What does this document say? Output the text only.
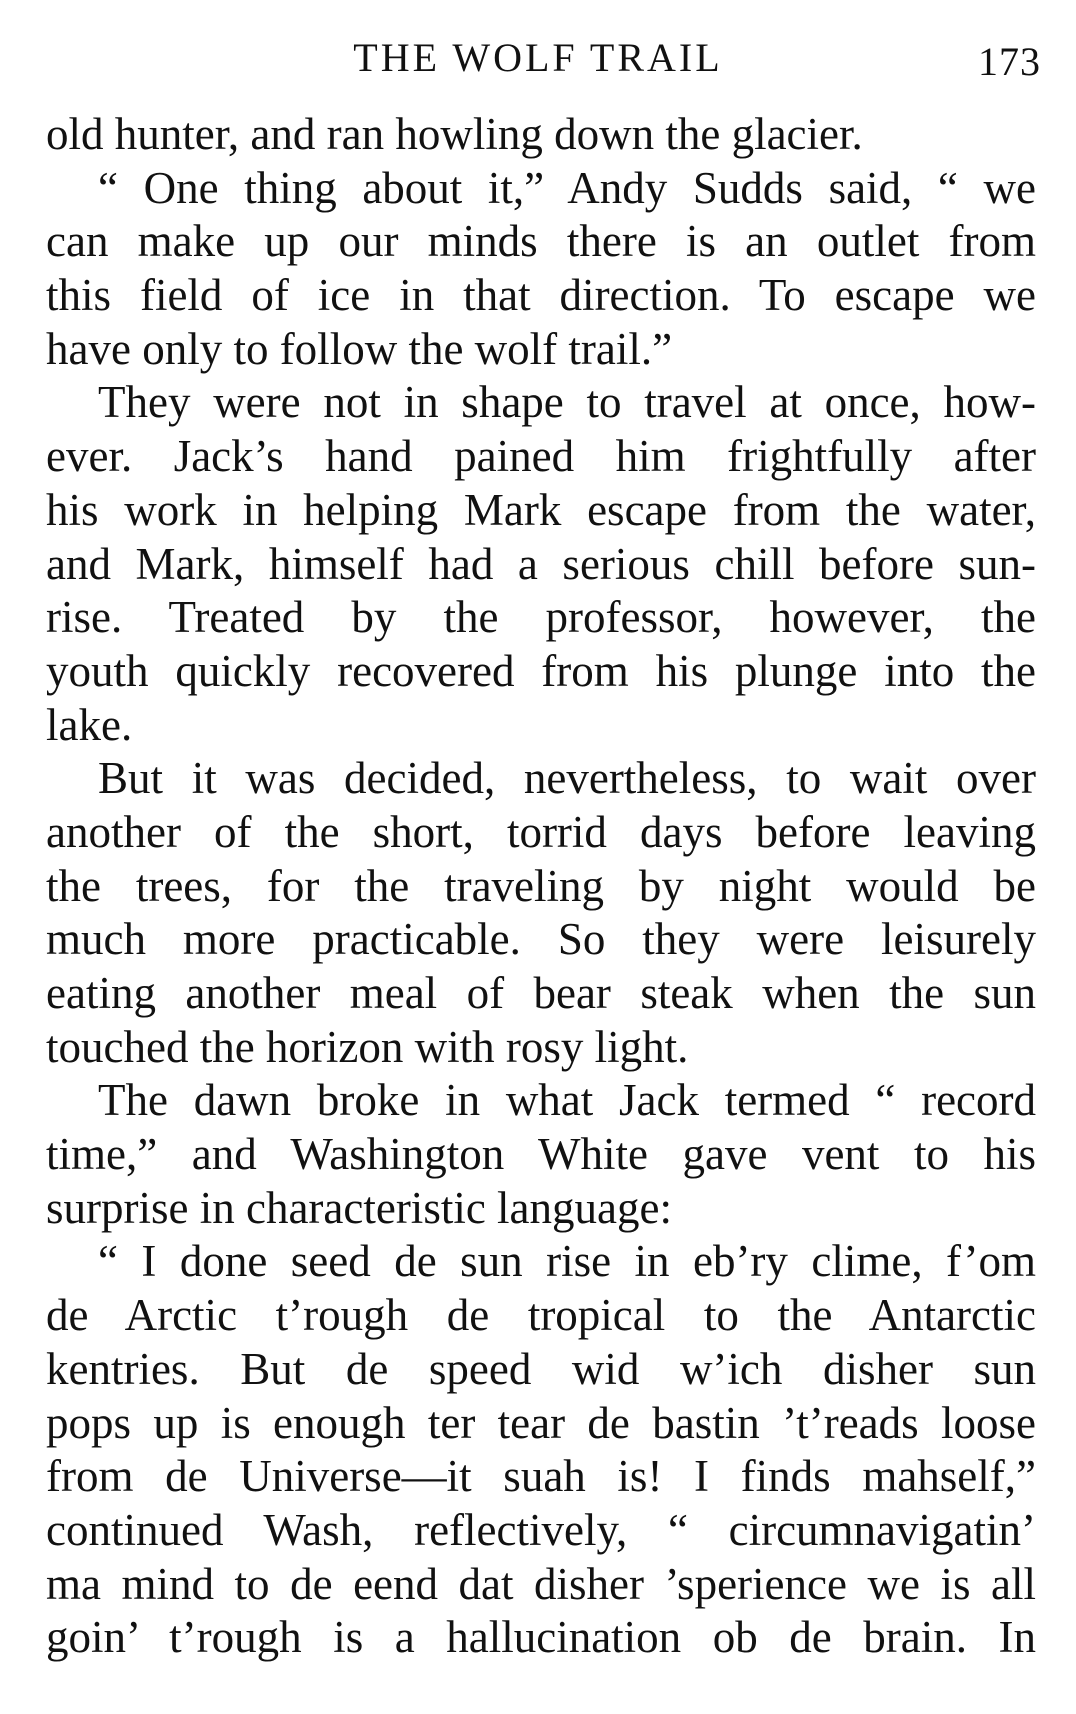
THE WOLF TRAIL	173
old hunter, and ran howling down the glacier.
“ One thing about it,” Andy Sudds said, “ we
can make up our minds there is an outlet from
this field of ice in that direction. To escape we
have only to follow the wolf trail.”
They were not in shape to travel at once, how-
ever. Jack’s hand pained him frightfully after
his work in helping Mark escape from the water,
and Mark, himself had a serious chill before sun-
rise. Treated by the professor, however, the
youth quickly recovered from his plunge into the
lake.
But it was decided, nevertheless, to wait over
another of the short, torrid days before leaving
the trees, for the traveling by night would be
much more practicable. So they were leisurely
eating another meal of bear steak when the sun
touched the horizon with rosy light.
The dawn broke in what Jack termed “ record
time,” and Washington White gave vent to his
surprise in characteristic language:
“ I done seed de sun rise in eb’ry clime, f’om
de Arctic t’rough de tropical to the Antarctic
kentries. But de speed wid w’ich disher sun
pops up is enough ter tear de bastin ’t’reads loose
from de Universe—it suah is! I finds mahself,”
continued Wash, reflectively, “ circumnavigatin’
ma mind to de eend dat disher ’sperience we is all
goin’ t’rough is a hallucination ob de brain. In
